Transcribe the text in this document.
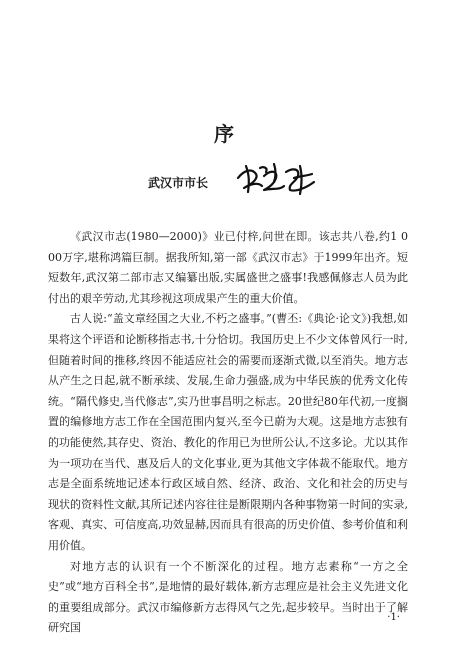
序
武汉市市长

《武汉市志(1980—2000)》业已付梓,问世在即。该志共八卷,约1 000万字,堪称鸿篇巨制。据我所知,第一部《武汉市志》于1999年出齐。短短数年,武汉第二部市志又编纂出版,实属盛世之盛事!我感佩修志人员为此付出的艰辛劳动,尤其珍视这项成果产生的重大价值。

古人说:“盖文章经国之大业,不朽之盛事。”(曹丕:《典论·论文》)我想,如果将这个评语和论断移指志书,十分恰切。我国历史上不少文体曾风行一时,但随着时间的推移,终因不能适应社会的需要而逐渐式微,以至消失。地方志从产生之日起,就不断承续、发展,生命力强盛,成为中华民族的优秀文化传统。“隔代修史,当代修志”,实乃世事昌明之标志。20世纪80年代初,一度搁置的编修地方志工作在全国范围内复兴,至今已蔚为大观。这是地方志独有的功能使然,其存史、资治、教化的作用已为世所公认,不这多论。尤以其作为一项功在当代、惠及后人的文化事业,更为其他文字体裁不能取代。地方志是全面系统地记述本行政区域自然、经济、政治、文化和社会的历史与现状的资料性文献,其所记述内容往往是断限期内各种事物第一时间的实录,客观、真实、可信度高,功效显赫,因而具有很高的历史价值、参考价值和利用价值。

对地方志的认识有一个不断深化的过程。地方志素称“一方之全史”或“地方百科全书”,是地情的最好载体,新方志理应是社会主义先进文化的重要组成部分。武汉市编修新方志得风气之先,起步较早。当时出于了解研究国

·1·
